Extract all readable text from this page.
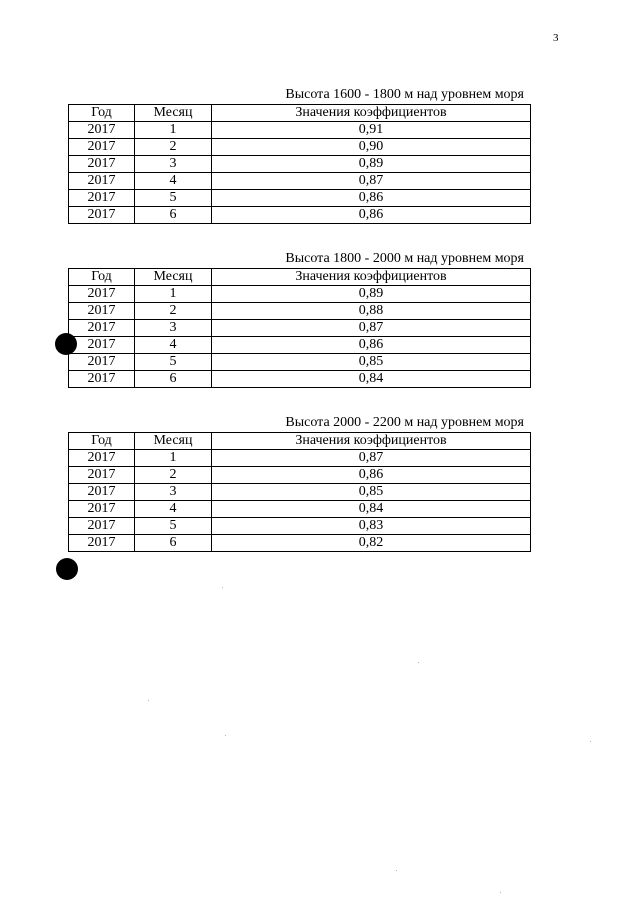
3
Высота 1600 - 1800 м над уровнем моря
Год	Месяц	Значения коэффициентов
2017	1	0,91
2017	2	0,90
2017	3	0,89
2017	4	0,87
2017	5	0,86
2017	6	0,86
Высота 1800 - 2000 м над уровнем моря
Год	Месяц	Значения коэффициентов
2017	1	0,89
2017	2	0,88
2017	3	0,87
2017	4	0,86
2017	5	0,85
2017	6	0,84
Высота 2000 - 2200 м над уровнем моря
Год	Месяц	Значения коэффициентов
2017	1	0,87
2017	2	0,86
2017	3	0,85
2017	4	0,84
2017	5	0,83
2017	6	0,82
